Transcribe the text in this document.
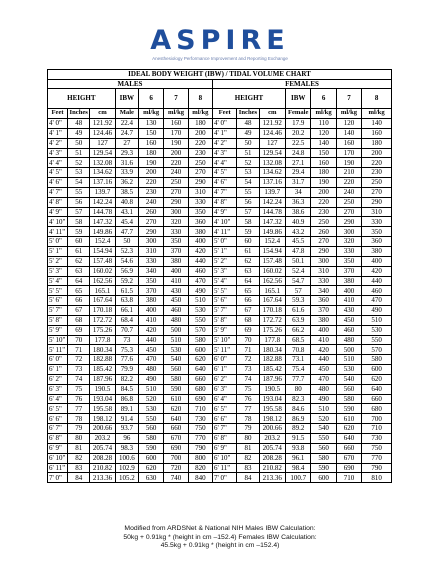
ASPIRE
Anesthesiology Performance Improvement and Reporting Exchange
IDEAL BODY WEIGHT (IBW) / TIDAL VOLUME CHART													
MALES							FEMALES						
HEIGHT			IBW	6	7	8	HEIGHT			IBW	6	7	8
Feet	Inches	cm	Male	ml/kg	ml/kg	ml/kg	Feet	Inches	cm	Female	ml/kg	ml/kg	ml/kg
4' 0"	48	121.92	22.4	130	160	180	4' 0"	48	121.92	17.9	110	120	140
4' 1"	49	124.46	24.7	150	170	200	4' 1"	49	124.46	20.2	120	140	160
4' 2"	50	127	27	160	190	220	4' 2"	50	127	22.5	140	160	180
4' 3"	51	129.54	29.3	180	200	230	4' 3"	51	129.54	24.8	150	170	200
4' 4"	52	132.08	31.6	190	220	250	4' 4"	52	132.08	27.1	160	190	220
4' 5"	53	134.62	33.9	200	240	270	4' 5"	53	134.62	29.4	180	210	230
4' 6"	54	137.16	36.2	220	250	290	4' 6"	54	137.16	31.7	190	220	250
4' 7"	55	139.7	38.5	230	270	310	4' 7"	55	139.7	34	200	240	270
4' 8"	56	142.24	40.8	240	290	330	4' 8"	56	142.24	36.3	220	250	290
4' 9"	57	144.78	43.1	260	300	350	4' 9"	57	144.78	38.6	230	270	310
4' 10"	58	147.32	45.4	270	320	360	4' 10"	58	147.32	40.9	250	290	330
4' 11"	59	149.86	47.7	290	330	380	4' 11"	59	149.86	43.2	260	300	350
5' 0"	60	152.4	50	300	350	400	5' 0"	60	152.4	45.5	270	320	360
5' 1"	61	154.94	52.3	310	370	420	5' 1"	61	154.94	47.8	290	330	380
5' 2"	62	157.48	54.6	330	380	440	5' 2"	62	157.48	50.1	300	350	400
5' 3"	63	160.02	56.9	340	400	460	5' 3"	63	160.02	52.4	310	370	420
5' 4"	64	162.56	59.2	350	410	470	5' 4"	64	162.56	54.7	330	380	440
5' 5"	65	165.1	61.5	370	430	490	5' 5"	65	165.1	57	340	400	460
5' 6"	66	167.64	63.8	380	450	510	5' 6"	66	167.64	59.3	360	410	470
5' 7"	67	170.18	66.1	400	460	530	5' 7"	67	170.18	61.6	370	430	490
5' 8"	68	172.72	68.4	410	480	550	5' 8"	68	172.72	63.9	380	450	510
5' 9"	69	175.26	70.7	420	500	570	5' 9"	69	175.26	66.2	400	460	530
5' 10"	70	177.8	73	440	510	580	5' 10"	70	177.8	68.5	410	480	550
5' 11"	71	180.34	75.3	450	530	600	5' 11"	71	180.34	70.8	420	500	570
6' 0"	72	182.88	77.6	470	540	620	6' 0"	72	182.88	73.1	440	510	580
6' 1"	73	185.42	79.9	480	560	640	6' 1"	73	185.42	75.4	450	530	600
6' 2"	74	187.96	82.2	490	580	660	6' 2"	74	187.96	77.7	470	540	620
6' 3"	75	190.5	84.5	510	590	680	6' 3"	75	190.5	80	480	560	640
6' 4"	76	193.04	86.8	520	610	690	6' 4"	76	193.04	82.3	490	580	660
6' 5"	77	195.58	89.1	530	620	710	6' 5"	77	195.58	84.6	510	590	680
6' 6"	78	198.12	91.4	550	640	730	6' 6"	78	198.12	86.9	520	610	700
6' 7"	79	200.66	93.7	560	660	750	6' 7"	79	200.66	89.2	540	620	710
6' 8"	80	203.2	96	580	670	770	6' 8"	80	203.2	91.5	550	640	730
6' 9"	81	205.74	98.3	590	690	790	6' 9"	81	205.74	93.8	560	660	750
6' 10"	82	208.28	100.6	600	700	800	6' 10"	82	208.28	96.1	580	670	770
6' 11"	83	210.82	102.9	620	720	820	6' 11"	83	210.82	98.4	590	690	790
7' 0"	84	213.36	105.2	630	740	840	7' 0"	84	213.36	100.7	600	710	810
Modified from ARDSNet & National NIH Males IBW Calculation:
50kg + 0.91kg * (height in cm –152.4) Females IBW Calculation:
45.5kg + 0.91kg * (height in cm –152.4)
